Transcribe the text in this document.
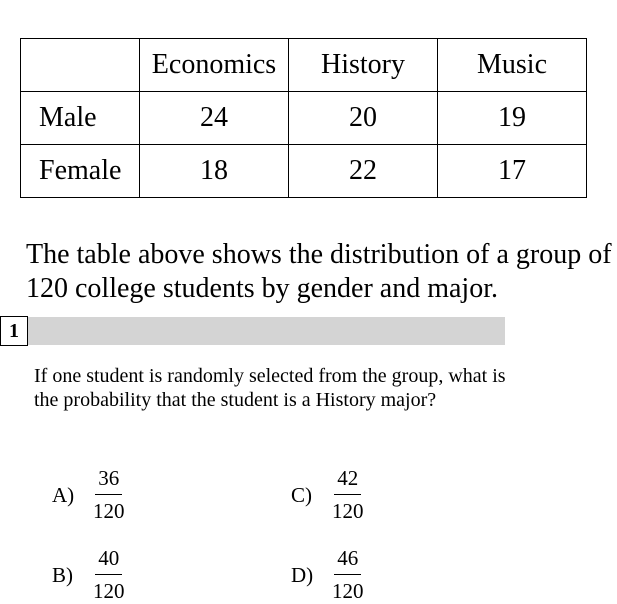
	Economics	History	Music
Male	24	20	19
Female	18	22	17

The table above shows the distribution of a group of 120 college students by gender and major.

1

If one student is randomly selected from the group, what is the probability that the student is a History major?

$A) \frac{36}{120}$
$B) \frac{40}{120}$
$C) \frac{42}{120}$
$D) \frac{46}{120}$
